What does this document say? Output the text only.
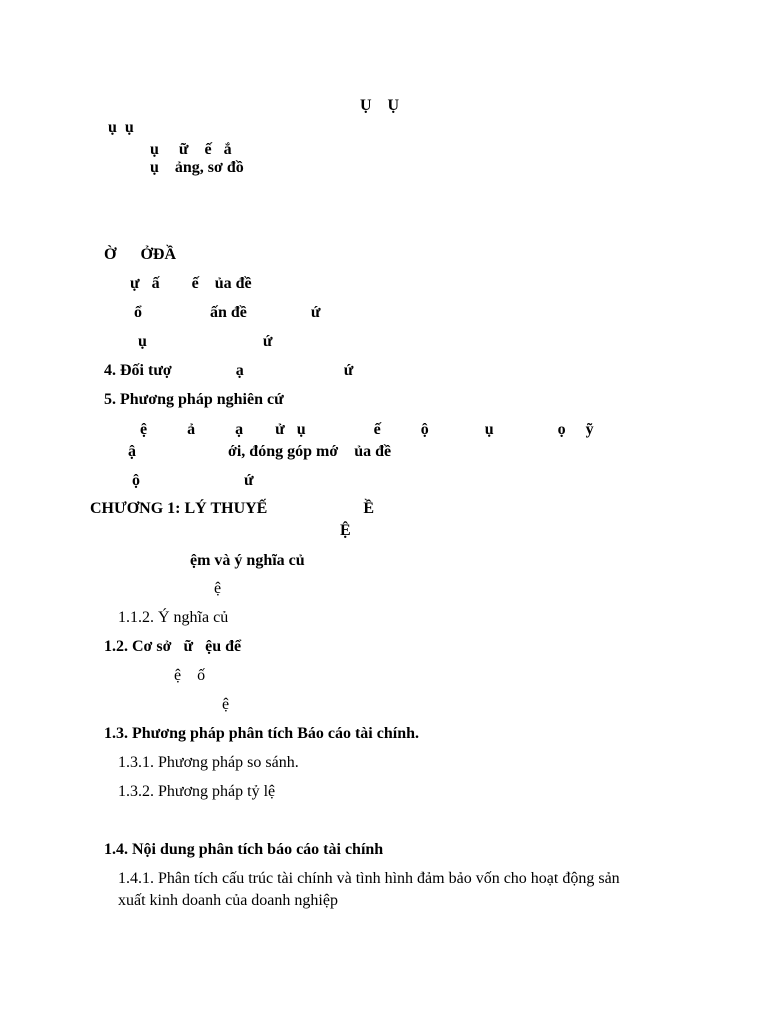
Ụ    Ụ
ụ  ụ
ụ     ữ    ế   ắ
ụ    ảng, sơ đồ
Ờ      ỞĐẦ
ự   ấ        ế    ủa đề
ổ                 ấn đề                ứ
ụ                             ứ
4. Đối tượ                ạ                         ứ
5. Phương pháp nghiên cứ
ệ          ả          ạ        ử   ụ                 ế          ộ              ụ                ọ     ỹ
ậ                       ới, đóng góp mớ    ủa đề
ộ                          ứ
CHƯƠNG 1: LÝ THUYẾ                        Ề
Ệ
ệm và ý nghĩa củ
ệ
1.1.2. Ý nghĩa củ
1.2. Cơ sở   ữ   ệu để
ệ    ố
ệ
1.3. Phương pháp phân tích Báo cáo tài chính.
1.3.1. Phương pháp so sánh.
1.3.2. Phương pháp tỷ lệ
1.4. Nội dung phân tích báo cáo tài chính
1.4.1. Phân tích cấu trúc tài chính và tình hình đảm bảo vốn cho hoạt động sản
xuất kinh doanh của doanh nghiệp
